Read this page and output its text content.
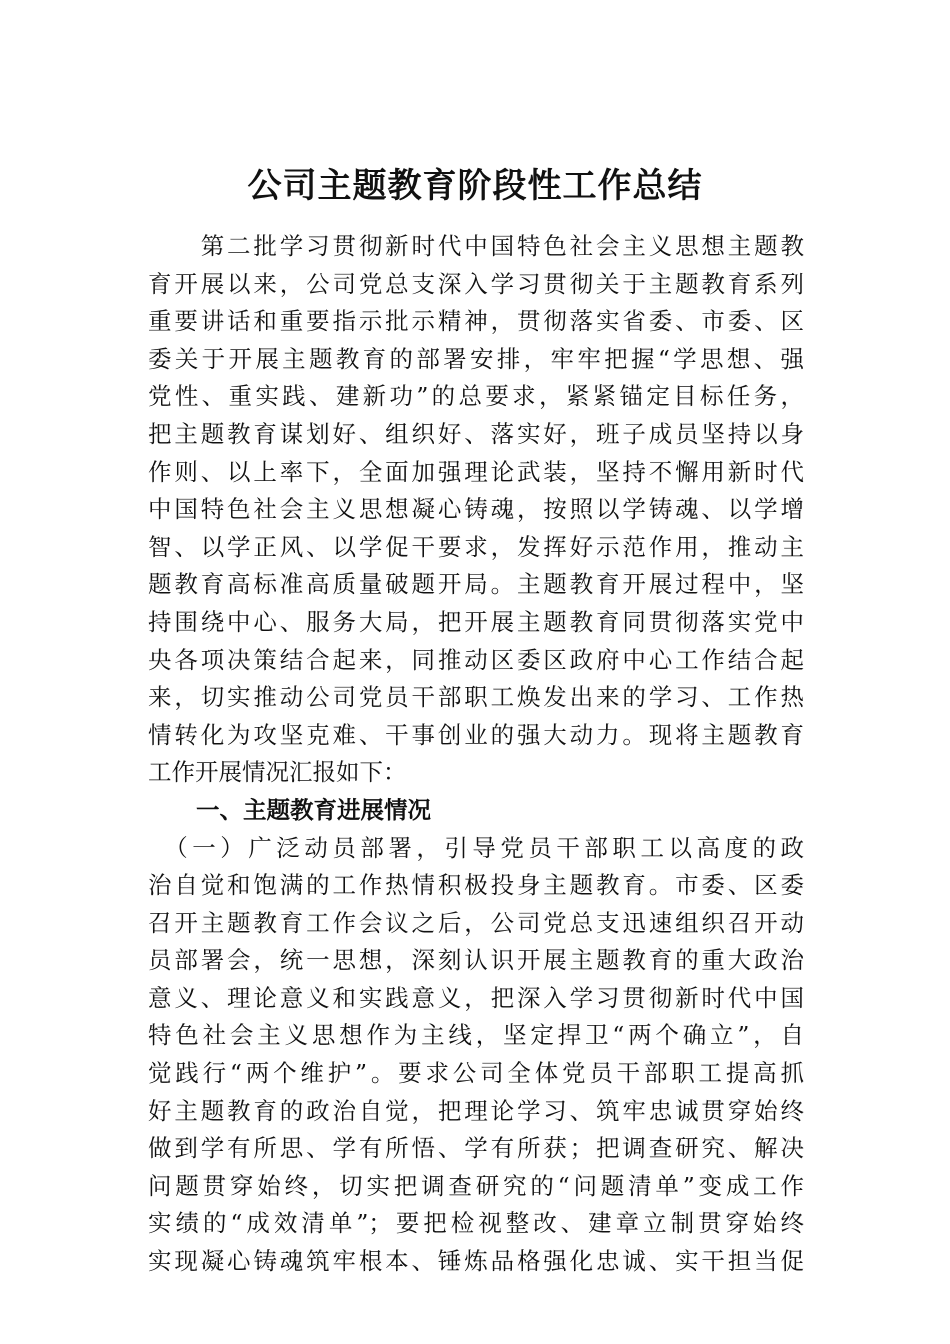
公司主题教育阶段性工作总结
　　第二批学习贯彻新时代中国特色社会主义思想主题教
育开展以来，公司党总支深入学习贯彻关于主题教育系列
重要讲话和重要指示批示精神，贯彻落实省委、市委、区
委关于开展主题教育的部署安排，牢牢把握“学思想、强
党性、重实践、建新功”的总要求，紧紧锚定目标任务，
把主题教育谋划好、组织好、落实好，班子成员坚持以身
作则、以上率下，全面加强理论武装，坚持不懈用新时代
中国特色社会主义思想凝心铸魂，按照以学铸魂、以学增
智、以学正风、以学促干要求，发挥好示范作用，推动主
题教育高标准高质量破题开局。主题教育开展过程中，坚
持围绕中心、服务大局，把开展主题教育同贯彻落实党中
央各项决策结合起来，同推动区委区政府中心工作结合起
来，切实推动公司党员干部职工焕发出来的学习、工作热
情转化为攻坚克难、干事创业的强大动力。现将主题教育
工作开展情况汇报如下：
一、主题教育进展情况
　（一）广泛动员部署，引导党员干部职工以高度的政
治自觉和饱满的工作热情积极投身主题教育。市委、区委
召开主题教育工作会议之后，公司党总支迅速组织召开动
员部署会，统一思想，深刻认识开展主题教育的重大政治
意义、理论意义和实践意义，把深入学习贯彻新时代中国
特色社会主义思想作为主线，坚定捍卫“两个确立”，自
觉践行“两个维护”。要求公司全体党员干部职工提高抓
好主题教育的政治自觉，把理论学习、筑牢忠诚贯穿始终
做到学有所思、学有所悟、学有所获；把调查研究、解决
问题贯穿始终，切实把调查研究的“问题清单”变成工作
实绩的“成效清单”；要把检视整改、建章立制贯穿始终
实现凝心铸魂筑牢根本、锤炼品格强化忠诚、实干担当促
